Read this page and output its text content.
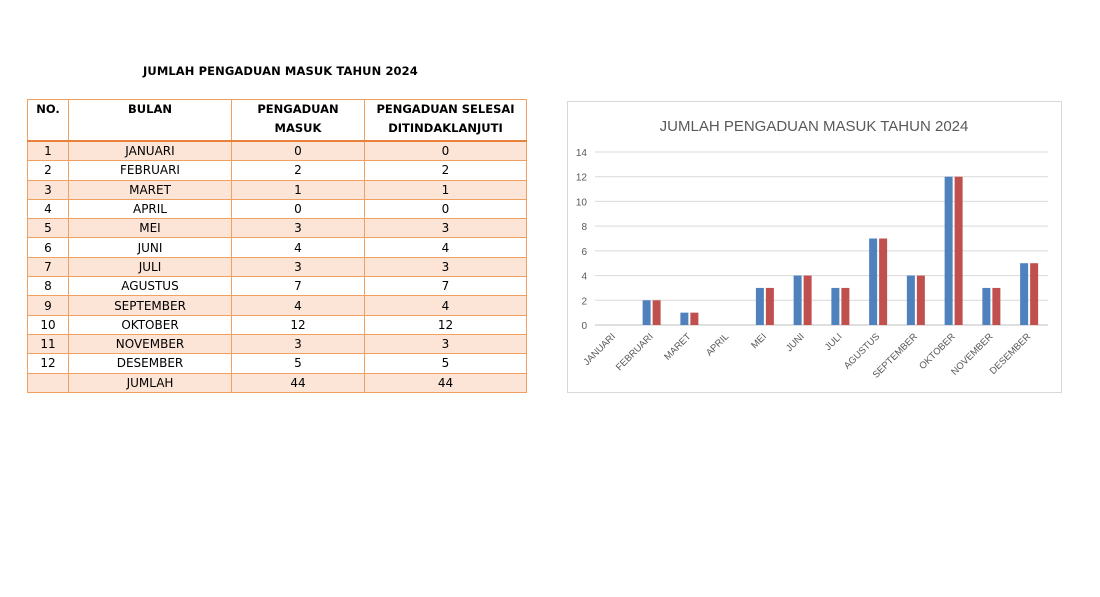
JUMLAH PENGADUAN MASUK TAHUN 2024
NO.	BULAN	PENGADUAN MASUK	PENGADUAN SELESAI DITINDAKLANJUTI
1	JANUARI	0	0
2	FEBRUARI	2	2
3	MARET	1	1
4	APRIL	0	0
5	MEI	3	3
6	JUNI	4	4
7	JULI	3	3
8	AGUSTUS	7	7
9	SEPTEMBER	4	4
10	OKTOBER	12	12
11	NOVEMBER	3	3
12	DESEMBER	5	5
	JUMLAH	44	44
JUMLAH PENGADUAN MASUK TAHUN 2024
0
2
4
6
8
10
12
14
JANUARI
FEBRUARI MARET APRIL MEI JUNI JULI
AGUSTUS
SEPTEMBER
OKTOBER
NOVEMBER
DESEMBER
